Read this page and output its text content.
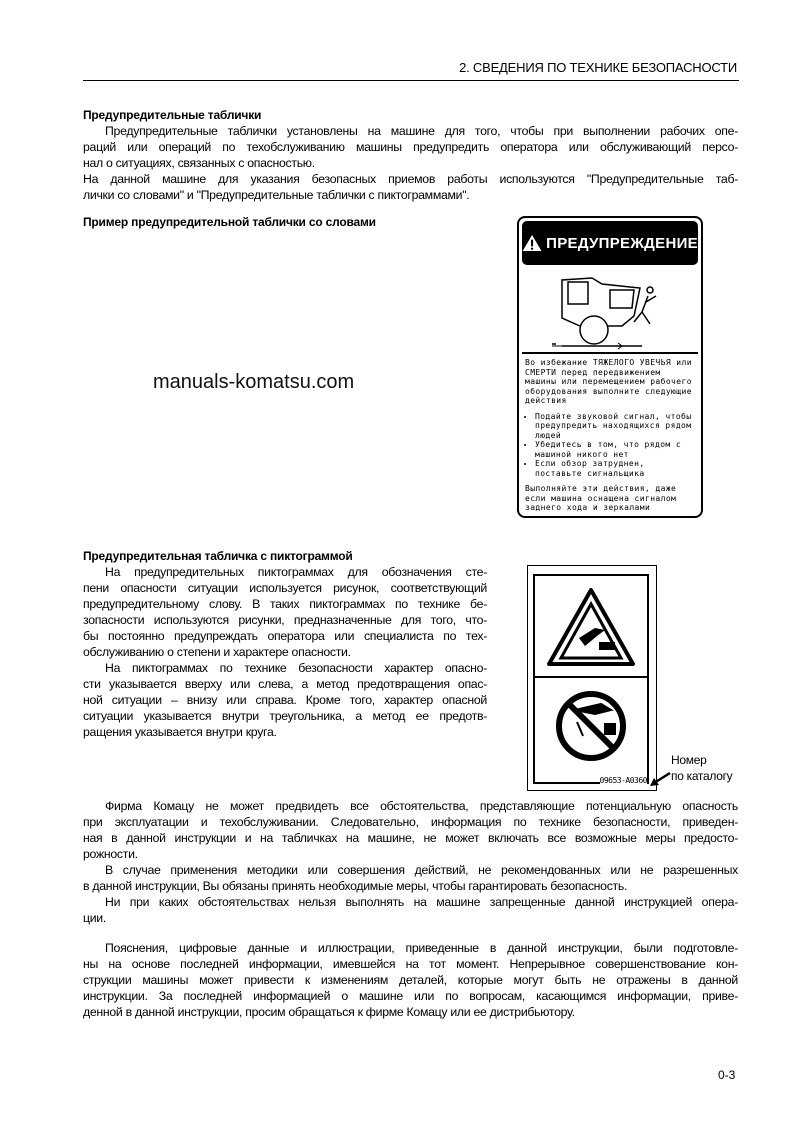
2. СВЕДЕНИЯ ПО ТЕХНИКЕ БЕЗОПАСНОСТИ
Предупредительные таблички
Предупредительные таблички установлены на машине для того, чтобы при выполнении рабочих опе-
раций или операций по техобслуживанию машины предупредить оператора или обслуживающий персо-
нал о ситуациях, связанных с опасностью.
На данной машине для указания безопасных приемов работы используются "Предупредительные таб-
лички со словами" и "Предупредительные таблички с пиктограммами".
Пример предупредительной таблички со словами
ПРЕДУПРЕЖДЕНИЕ

Во избежание ТЯЖЕЛОГО УВЕЧЬЯ или СМЕРТИ перед передвижением машины или перемещением рабочего оборудования выполните следующие действия

• Подайте звуковой сигнал, чтобы предупредить находящихся рядом людей
• Убедитесь в том, что рядом с машиной никого нет
• Если обзор затруднен, поставьте сигнальщика

Выполняйте эти действия, даже если машина оснащена сигналом заднего хода и зеркалами

manuals-komatsu.com
Предупредительная табличка с пиктограммой
На предупредительных пиктограммах для обозначения сте-
пени опасности ситуации используется рисунок, соответствующий
предупредительному слову. В таких пиктограммах по технике бе-
зопасности используются рисунки, предназначенные для того, что-
бы постоянно предупреждать оператора или специалиста по тех-
обслуживанию о степени и характере опасности.
На пиктограммах по технике безопасности характер опасно-
сти указывается вверху или слева, а метод предотвращения опас-
ной ситуации – внизу или справа. Кроме того, характер опасной
ситуации указывается внутри треугольника, а метод ее предотв-
ращения указывается внутри круга.
09653-A0360
Номер
по каталогу
Фирма Комацу не может предвидеть все обстоятельства, представляющие потенциальную опасность
при эксплуатации и техобслуживании. Следовательно, информация по технике безопасности, приведен-
ная в данной инструкции и на табличках на машине, не может включать все возможные меры предосто-
рожности.
В случае применения методики или совершения действий, не рекомендованных или не разрешенных
в данной инструкции, Вы обязаны принять необходимые меры, чтобы гарантировать безопасность.
Ни при каких обстоятельствах нельзя выполнять на машине запрещенные данной инструкцией опера-
ции.
Пояснения, цифровые данные и иллюстрации, приведенные в данной инструкции, были подготовле-
ны на основе последней информации, имевшейся на тот момент. Непрерывное совершенствование кон-
струкции машины может привести к изменениям деталей, которые могут быть не отражены в данной
инструкции. За последней информацией о машине или по вопросам, касающимся информации, приве-
денной в данной инструкции, просим обращаться к фирме Комацу или ее дистрибьютору.
0-3
